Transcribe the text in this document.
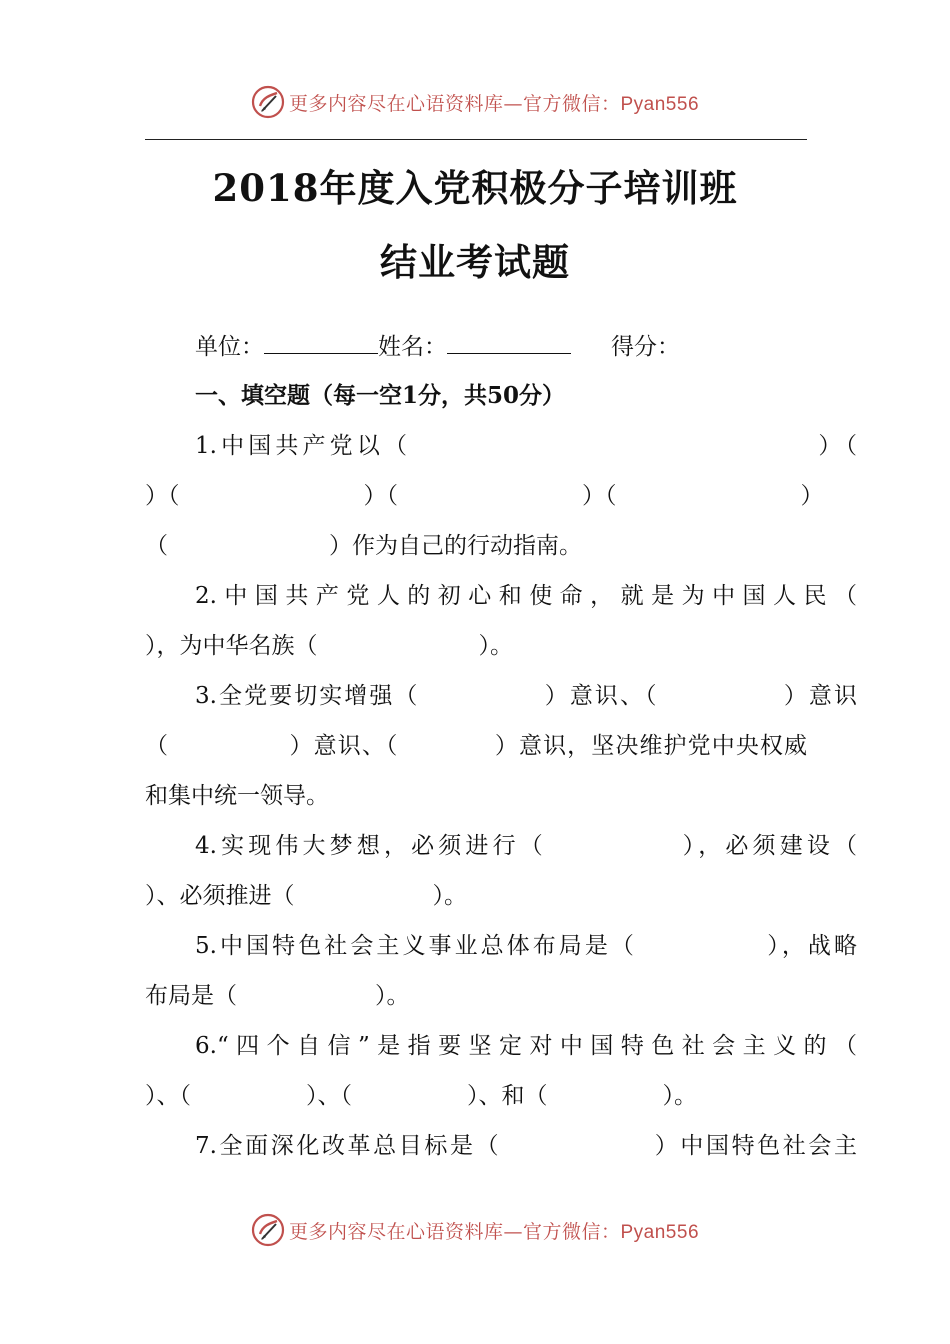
更多内容尽在心语资料库—官方微信：Pyan556
2018年度入党积极分子培训班
结业考试题
单位：	姓名：	得分：
一、填空题（每一空1分，共50分）
1.中国共产党以（　　　　　　　　　　　　　　　）（
）（　　　　　　　　）（　　　　　　　　）（　　　　　　　　）
（　　　　　　　）作为自己的行动指南。
2.中国共产党人的初心和使命，就是为中国人民（
），为中华名族（　　　　　　　）。
3.全党要切实增强（　　　　　）意识、（　　　　　）意识
（　　　　　）意识、（　　　　）意识，坚决维护党中央权威
和集中统一领导。
4.实现伟大梦想，必须进行（　　　　　），必须建设（
）、必须推进（　　　　　　）。
5.中国特色社会主义事业总体布局是（　　　　　），战略
布局是（　　　　　　）。
6.“四个自信”是指要坚定对中国特色社会主义的（
）、（　　　　　）、（　　　　　）、和（　　　　　）。
7.全面深化改革总目标是（　　　　　　）中国特色社会主
更多内容尽在心语资料库—官方微信：Pyan556
